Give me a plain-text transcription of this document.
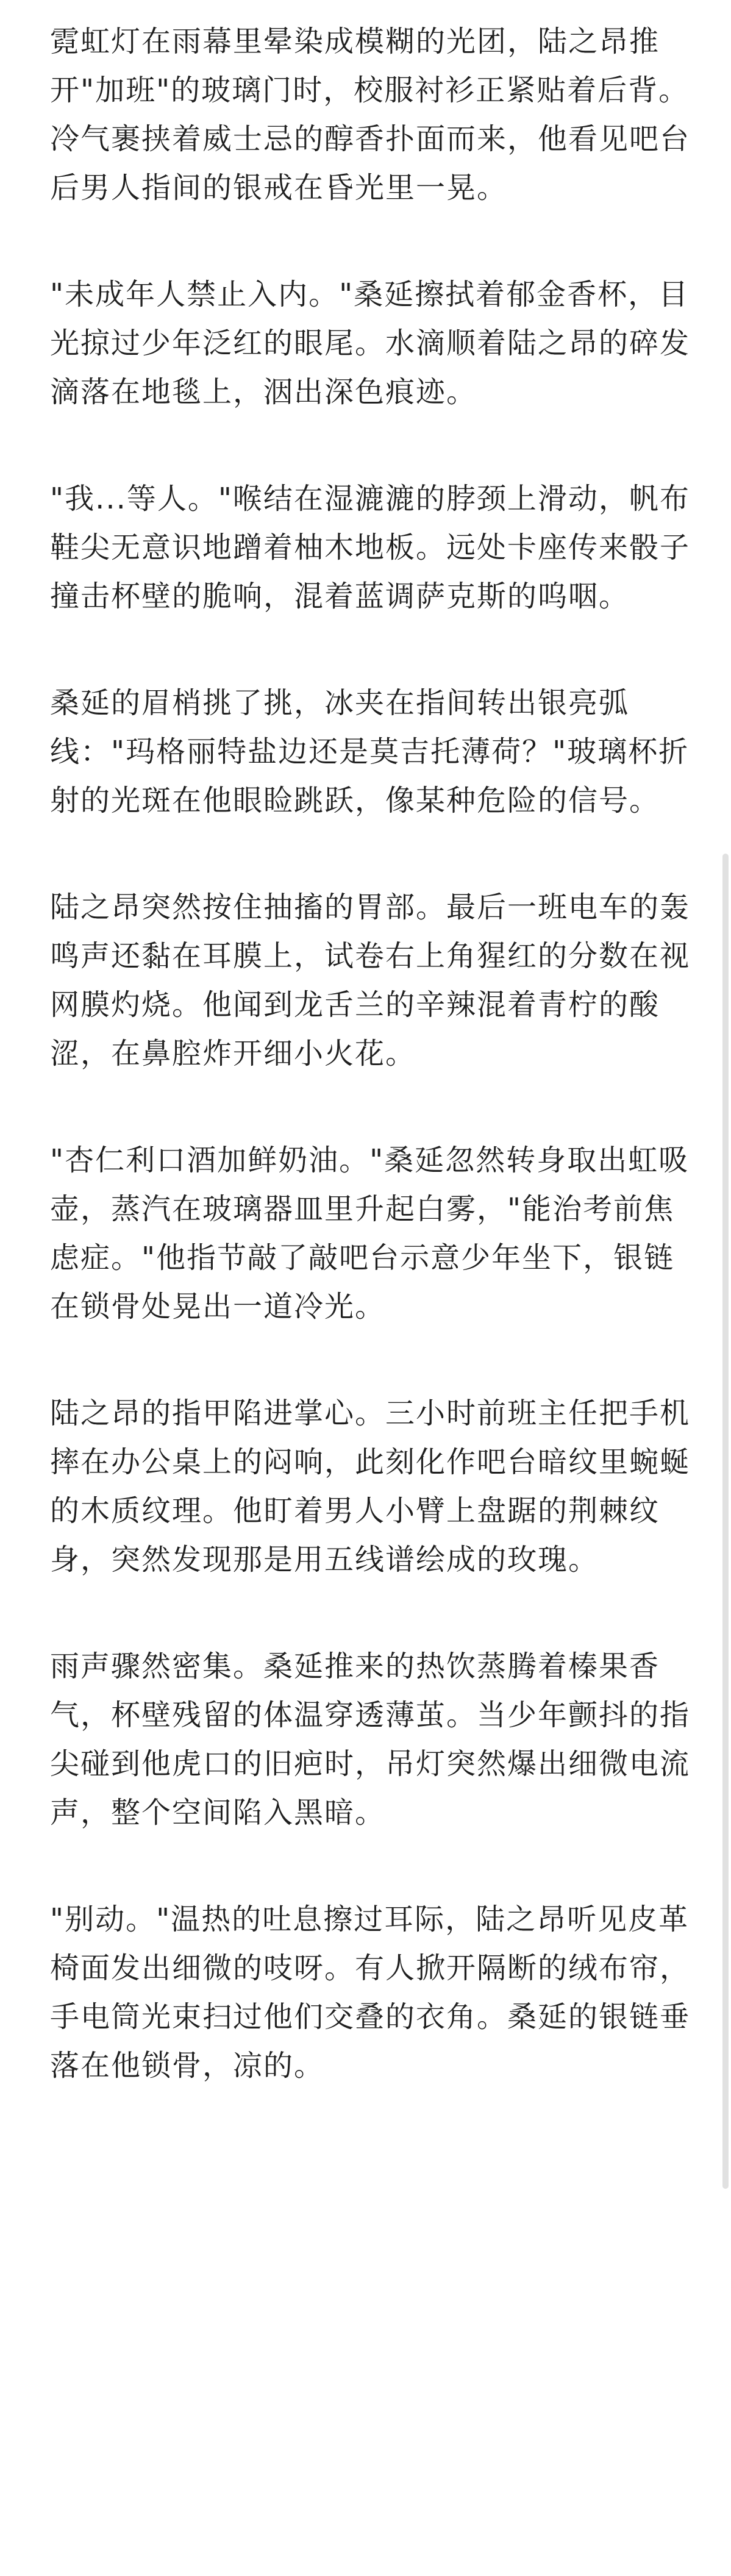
霓虹灯在雨幕里晕染成模糊的光团，陆之昂推开"加班"的玻璃门时，校服衬衫正紧贴着后背。冷气裹挟着威士忌的醇香扑面而来，他看见吧台后男人指间的银戒在昏光里一晃。

"未成年人禁止入内。"桑延擦拭着郁金香杯，目光掠过少年泛红的眼尾。水滴顺着陆之昂的碎发滴落在地毯上，洇出深色痕迹。

"我...等人。"喉结在湿漉漉的脖颈上滑动，帆布鞋尖无意识地蹭着柚木地板。远处卡座传来骰子撞击杯壁的脆响，混着蓝调萨克斯的呜咽。

桑延的眉梢挑了挑，冰夹在指间转出银亮弧线："玛格丽特盐边还是莫吉托薄荷？"玻璃杯折射的光斑在他眼睑跳跃，像某种危险的信号。

陆之昂突然按住抽搐的胃部。最后一班电车的轰鸣声还黏在耳膜上，试卷右上角猩红的分数在视网膜灼烧。他闻到龙舌兰的辛辣混着青柠的酸涩，在鼻腔炸开细小火花。

"杏仁利口酒加鲜奶油。"桑延忽然转身取出虹吸壶，蒸汽在玻璃器皿里升起白雾，"能治考前焦虑症。"他指节敲了敲吧台示意少年坐下，银链在锁骨处晃出一道冷光。

陆之昂的指甲陷进掌心。三小时前班主任把手机摔在办公桌上的闷响，此刻化作吧台暗纹里蜿蜒的木质纹理。他盯着男人小臂上盘踞的荆棘纹身，突然发现那是用五线谱绘成的玫瑰。

雨声骤然密集。桑延推来的热饮蒸腾着榛果香气，杯壁残留的体温穿透薄茧。当少年颤抖的指尖碰到他虎口的旧疤时，吊灯突然爆出细微电流声，整个空间陷入黑暗。

"别动。"温热的吐息擦过耳际，陆之昂听见皮革椅面发出细微的吱呀。有人掀开隔断的绒布帘，手电筒光束扫过他们交叠的衣角。桑延的银链垂落在他锁骨，凉的。
